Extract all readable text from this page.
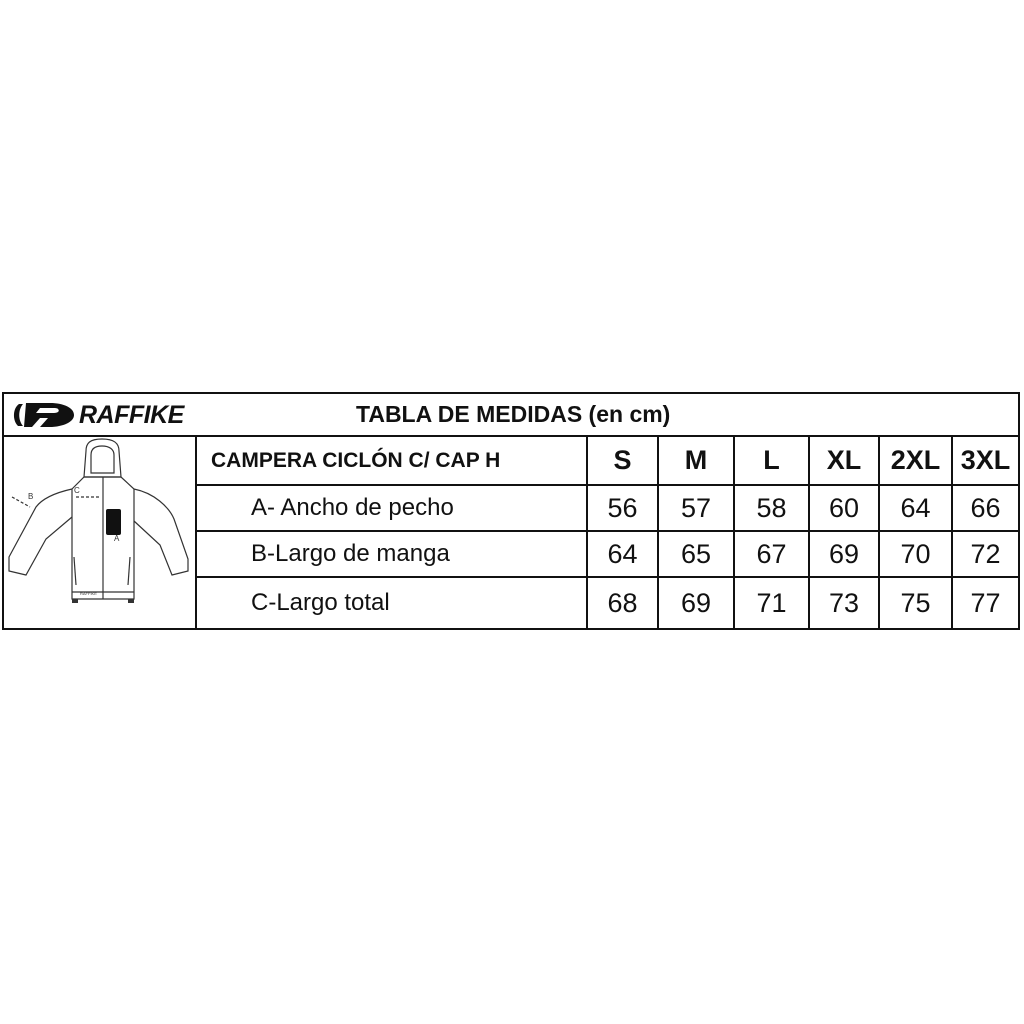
RAFFIKE	TABLA DE MEDIDAS (en cm)
RAFFIKE
B
C
A
CAMPERA CICLÓN C/ CAP H	S	M	L	XL	2XL	3XL
A- Ancho de pecho	56	57	58	60	64	66
B-Largo de manga	64	65	67	69	70	72
C-Largo total	68	69	71	73	75	77
